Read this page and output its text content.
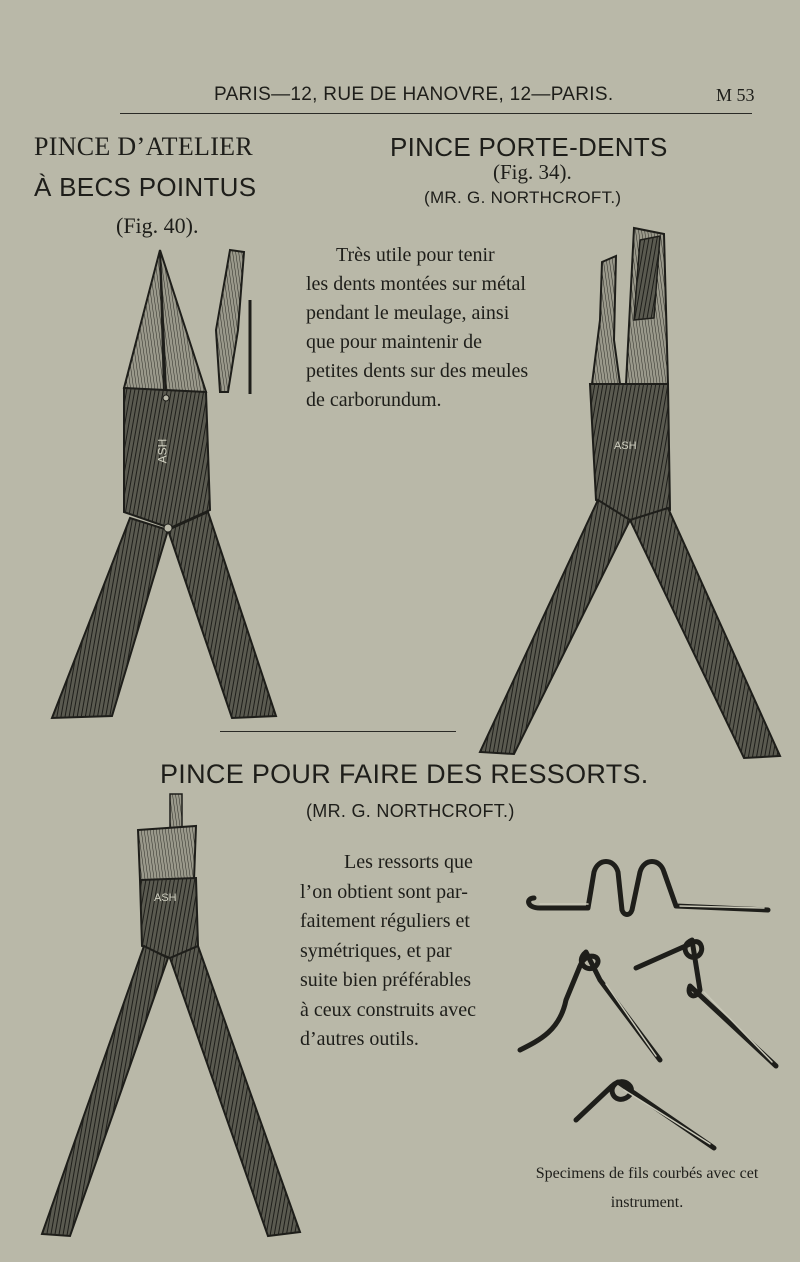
PARIS—12, RUE DE HANOVRE, 12—PARIS.	M 53
PINCE D’ATELIER
À BECS POINTUS
(Fig. 40).
PINCE PORTE-DENTS
(Fig. 34).
(MR. G. NORTHCROFT.)
Très utile pour tenir
les dents montées sur métal
pendant le meulage, ainsi
que pour maintenir de
petites dents sur des meules
de carborundum.
PINCE POUR FAIRE DES RESSORTS.
(MR. G. NORTHCROFT.)
Les ressorts que
l’on obtient sont par-
faitement réguliers et
symétriques, et par
suite bien préférables
à ceux construits avec
d’autres outils.
Specimens de fils courbés avec cet
instrument.
ASH	ASH
ASH
